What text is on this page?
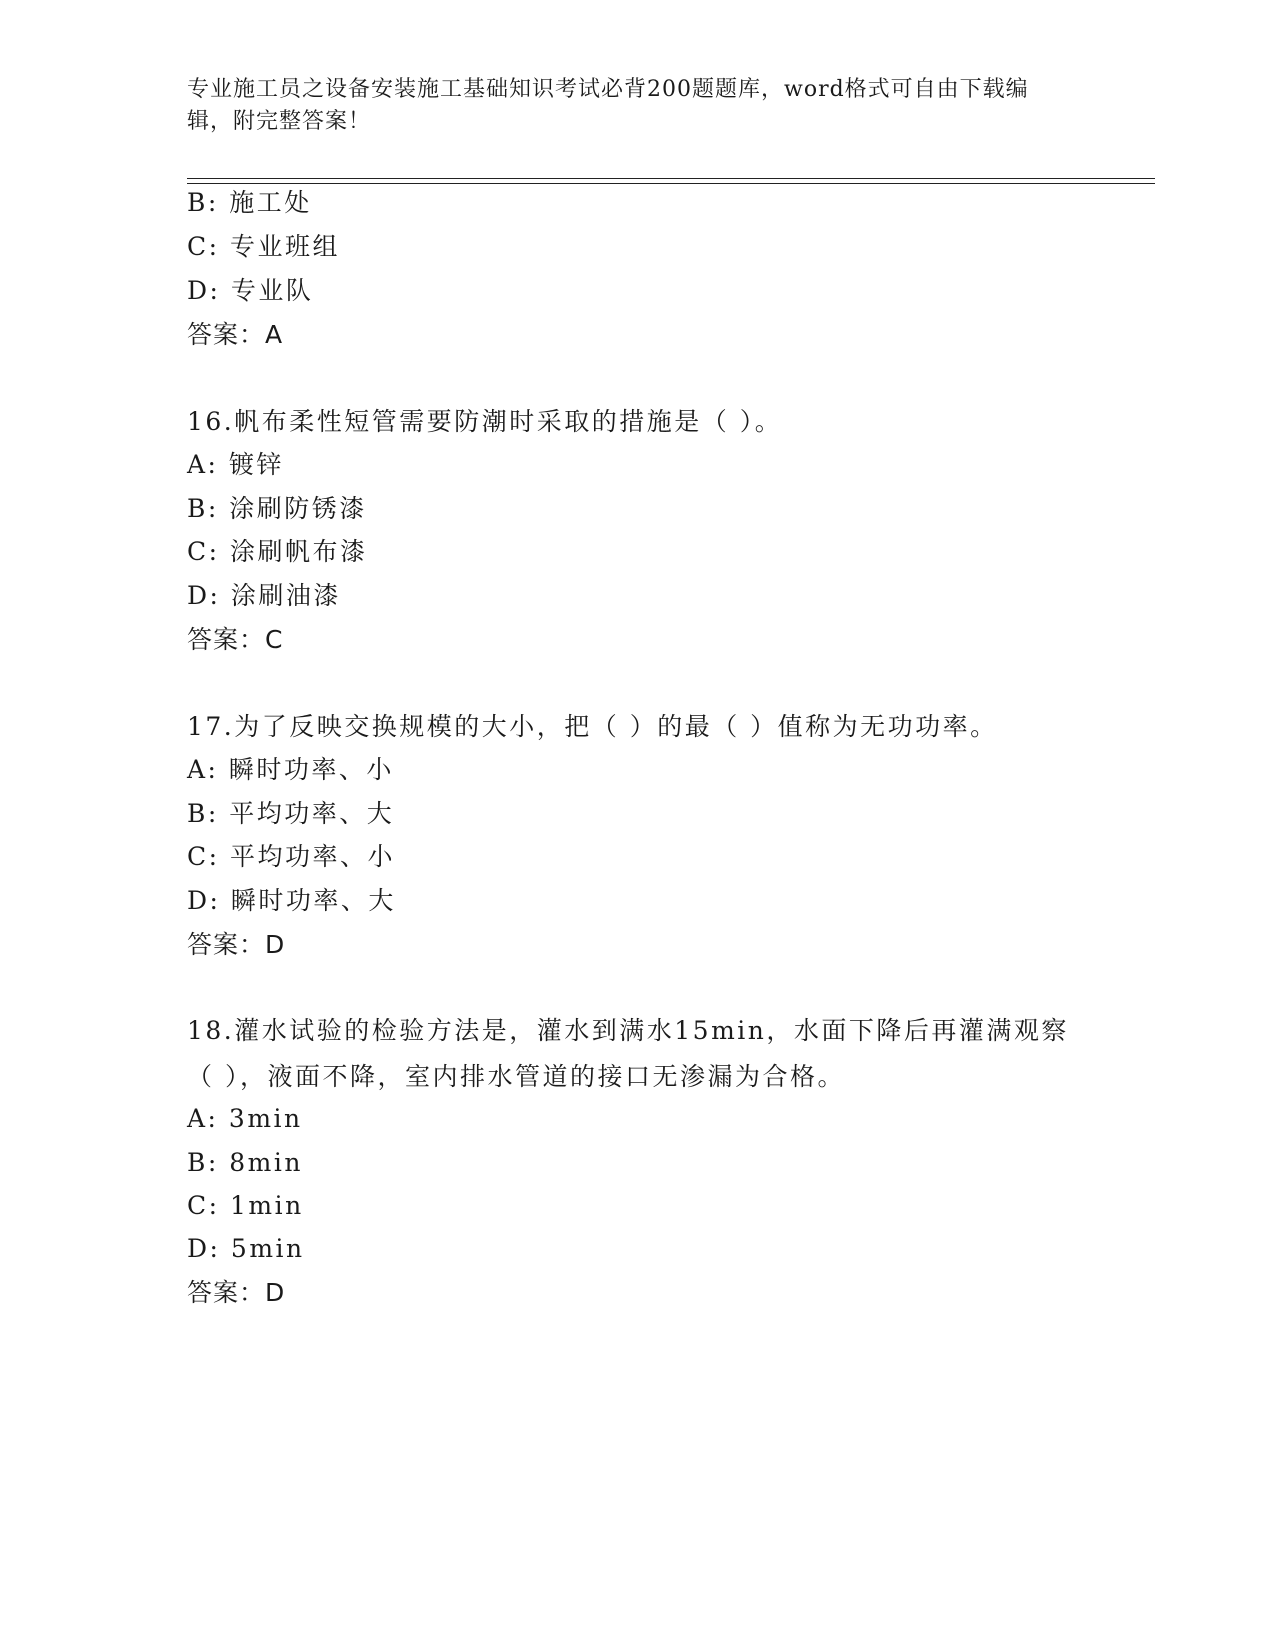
专业施工员之设备安装施工基础知识考试必背200题题库，word格式可自由下载编辑，附完整答案！
B: 施工处
C: 专业班组
D: 专业队
答案：A
16.帆布柔性短管需要防潮时采取的措施是（ ）。
A: 镀锌
B: 涂刷防锈漆
C: 涂刷帆布漆
D: 涂刷油漆
答案：C
17.为了反映交换规模的大小，把（ ）的最（ ）值称为无功功率。
A: 瞬时功率、小
B: 平均功率、大
C: 平均功率、小
D: 瞬时功率、大
答案：D
18.灌水试验的检验方法是，灌水到满水15min，水面下降后再灌满观察（ ），液面不降，室内排水管道的接口无渗漏为合格。
A: 3min
B: 8min
C: 1min
D: 5min
答案：D
